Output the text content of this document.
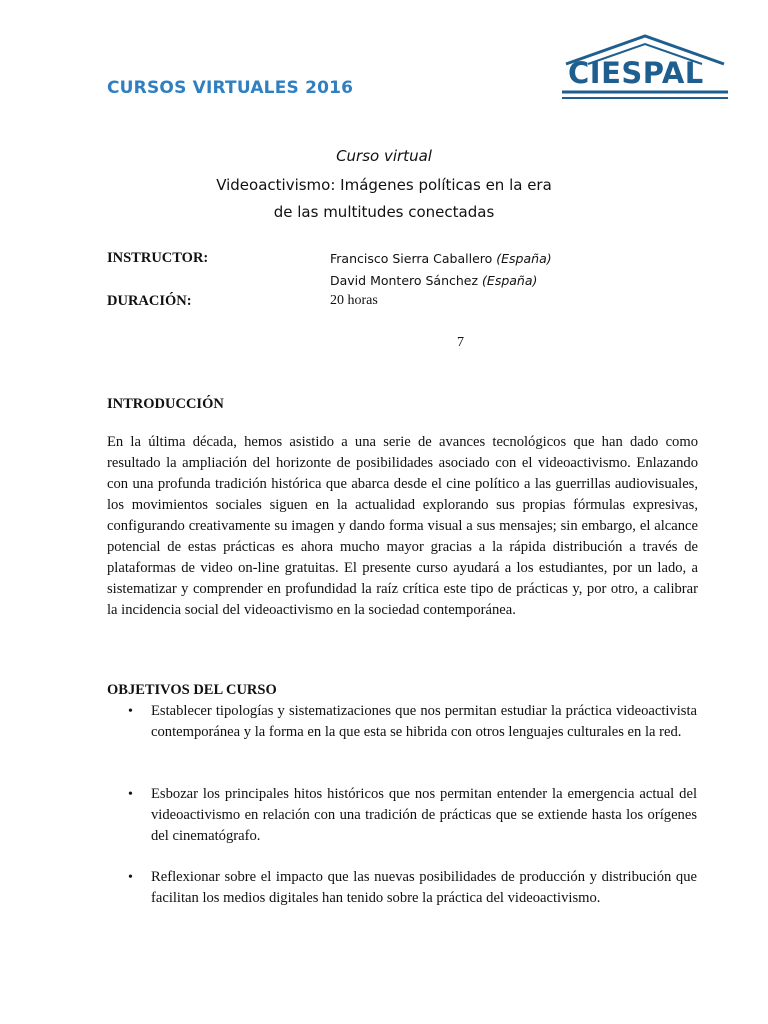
CURSOS VIRTUALES 2016	CIESPAL
Curso virtual
Videoactivismo: Imágenes políticas en la era
de las multitudes conectadas
INSTRUCTOR:	Francisco Sierra Caballero (España)
David Montero Sánchez (España)
DURACIÓN:	20 horas
7
INTRODUCCIÓN

En la última década, hemos asistido a una serie de avances tecnológicos que han dado como resultado la ampliación del horizonte de posibilidades asociado con el videoactivismo. Enlazando con una profunda tradición histórica que abarca desde el cine político a las guerrillas audiovisuales, los movimientos sociales siguen en la actualidad explorando sus propias fórmulas expresivas, configurando creativamente su imagen y dando forma visual a sus mensajes; sin embargo, el alcance potencial de estas prácticas es ahora mucho mayor gracias a la rápida distribución a través de plataformas de video on-line gratuitas. El presente curso ayudará a los estudiantes, por un lado, a sistematizar y comprender en profundidad la raíz crítica este tipo de prácticas y, por otro, a calibrar la incidencia social del videoactivismo en la sociedad contemporánea.

OBJETIVOS DEL CURSO
• Establecer tipologías y sistematizaciones que nos permitan estudiar la práctica videoactivista contemporánea y la forma en la que esta se hibrida con otros lenguajes culturales en la red.

• Esbozar los principales hitos históricos que nos permitan entender la emergencia actual del videoactivismo en relación con una tradición de prácticas que se extiende hasta los orígenes del cinematógrafo.

• Reflexionar sobre el impacto que las nuevas posibilidades de producción y distribución que facilitan los medios digitales han tenido sobre la práctica del videoactivismo.
